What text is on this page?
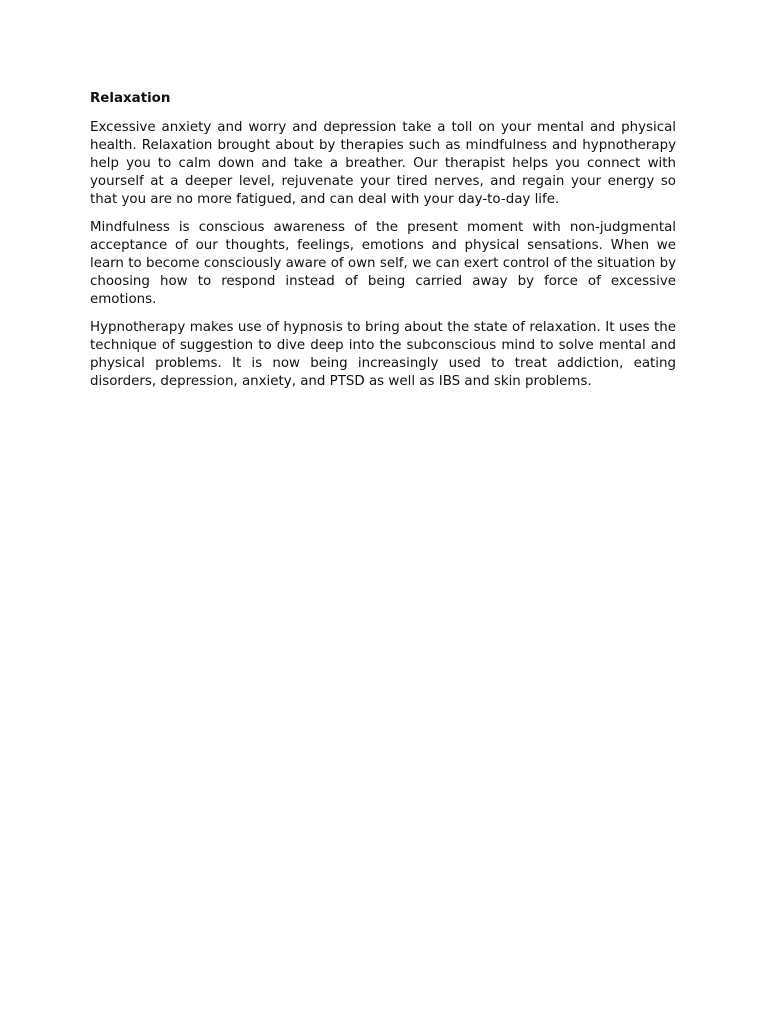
Relaxation

Excessive anxiety and worry and depression take a toll on your mental and physical health. Relaxation brought about by therapies such as mindfulness and hypnotherapy help you to calm down and take a breather. Our therapist helps you connect with yourself at a deeper level, rejuvenate your tired nerves, and regain your energy so that you are no more fatigued, and can deal with your day-to-day life.

Mindfulness is conscious awareness of the present moment with non-judgmental acceptance of our thoughts, feelings, emotions and physical sensations. When we learn to become consciously aware of own self, we can exert control of the situation by choosing how to respond instead of being carried away by force of excessive emotions.

Hypnotherapy makes use of hypnosis to bring about the state of relaxation. It uses the technique of suggestion to dive deep into the subconscious mind to solve mental and physical problems. It is now being increasingly used to treat addiction, eating disorders, depression, anxiety, and PTSD as well as IBS and skin problems.
